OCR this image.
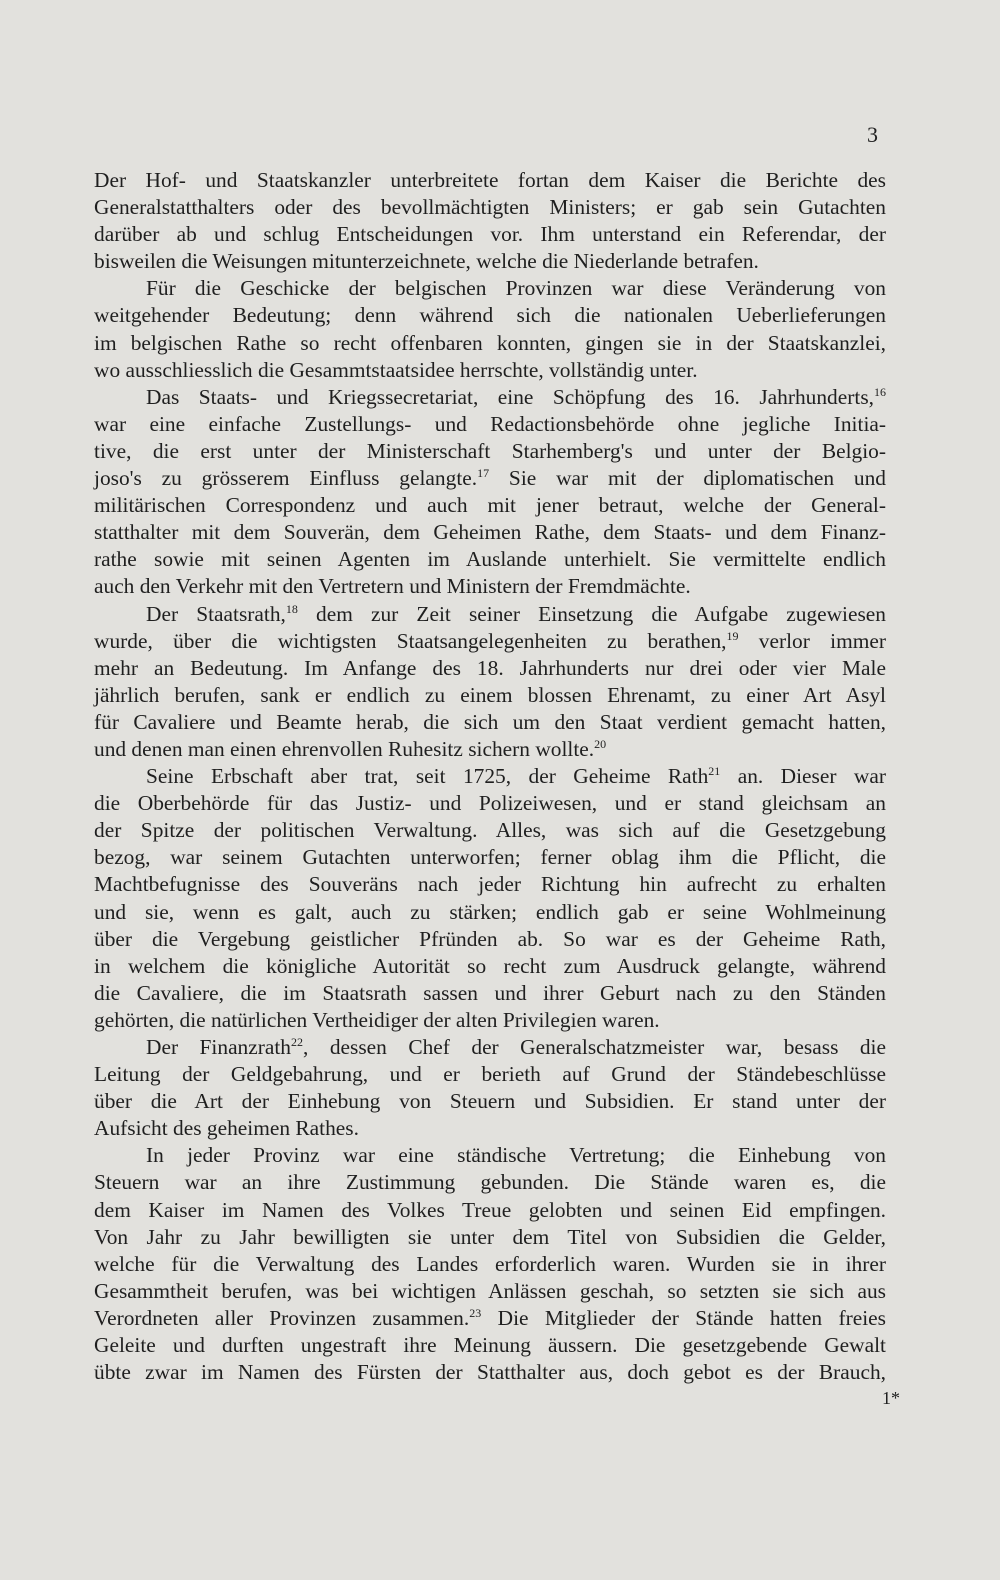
3
Der Hof- und Staatskanzler unterbreitete fortan dem Kaiser die Berichte des
Generalstatthalters oder des bevollmächtigten Ministers; er gab sein Gutachten
darüber ab und schlug Entscheidungen vor. Ihm unterstand ein Referendar, der
bisweilen die Weisungen mitunterzeichnete, welche die Niederlande betrafen.
Für die Geschicke der belgischen Provinzen war diese Veränderung von
weitgehender Bedeutung; denn während sich die nationalen Ueberlieferungen
im belgischen Rathe so recht offenbaren konnten, gingen sie in der Staatskanzlei,
wo ausschliesslich die Gesammtstaatsidee herrschte, vollständig unter.
Das Staats- und Kriegssecretariat, eine Schöpfung des 16. Jahrhunderts,$^{16}$
war eine einfache Zustellungs- und Redactionsbehörde ohne jegliche Initia-
tive, die erst unter der Ministerschaft Starhemberg's und unter der Belgio-
joso's zu grösserem Einfluss gelangte.$^{17}$ Sie war mit der diplomatischen und
militärischen Correspondenz und auch mit jener betraut, welche der General-
statthalter mit dem Souverän, dem Geheimen Rathe, dem Staats- und dem Finanz-
rathe sowie mit seinen Agenten im Auslande unterhielt. Sie vermittelte endlich
auch den Verkehr mit den Vertretern und Ministern der Fremdmächte.
Der Staatsrath,$^{18}$ dem zur Zeit seiner Einsetzung die Aufgabe zugewiesen
wurde, über die wichtigsten Staatsangelegenheiten zu berathen,$^{19}$ verlor immer
mehr an Bedeutung. Im Anfange des 18. Jahrhunderts nur drei oder vier Male
jährlich berufen, sank er endlich zu einem blossen Ehrenamt, zu einer Art Asyl
für Cavaliere und Beamte herab, die sich um den Staat verdient gemacht hatten,
und denen man einen ehrenvollen Ruhesitz sichern wollte.$^{20}$
Seine Erbschaft aber trat, seit 1725, der Geheime Rath$^{21}$ an. Dieser war
die Oberbehörde für das Justiz- und Polizeiwesen, und er stand gleichsam an
der Spitze der politischen Verwaltung. Alles, was sich auf die Gesetzgebung
bezog, war seinem Gutachten unterworfen; ferner oblag ihm die Pflicht, die
Machtbefugnisse des Souveräns nach jeder Richtung hin aufrecht zu erhalten
und sie, wenn es galt, auch zu stärken; endlich gab er seine Wohlmeinung
über die Vergebung geistlicher Pfründen ab. So war es der Geheime Rath,
in welchem die königliche Autorität so recht zum Ausdruck gelangte, während
die Cavaliere, die im Staatsrath sassen und ihrer Geburt nach zu den Ständen
gehörten, die natürlichen Vertheidiger der alten Privilegien waren.
Der Finanzrath$^{22}$, dessen Chef der Generalschatzmeister war, besass die
Leitung der Geldgebahrung, und er berieth auf Grund der Ständebeschlüsse
über die Art der Einhebung von Steuern und Subsidien. Er stand unter der
Aufsicht des geheimen Rathes.
In jeder Provinz war eine ständische Vertretung; die Einhebung von
Steuern war an ihre Zustimmung gebunden. Die Stände waren es, die
dem Kaiser im Namen des Volkes Treue gelobten und seinen Eid empfingen.
Von Jahr zu Jahr bewilligten sie unter dem Titel von Subsidien die Gelder,
welche für die Verwaltung des Landes erforderlich waren. Wurden sie in ihrer
Gesammtheit berufen, was bei wichtigen Anlässen geschah, so setzten sie sich aus
Verordneten aller Provinzen zusammen.$^{23}$ Die Mitglieder der Stände hatten freies
Geleite und durften ungestraft ihre Meinung äussern. Die gesetzgebende Gewalt
übte zwar im Namen des Fürsten der Statthalter aus, doch gebot es der Brauch,
1*
